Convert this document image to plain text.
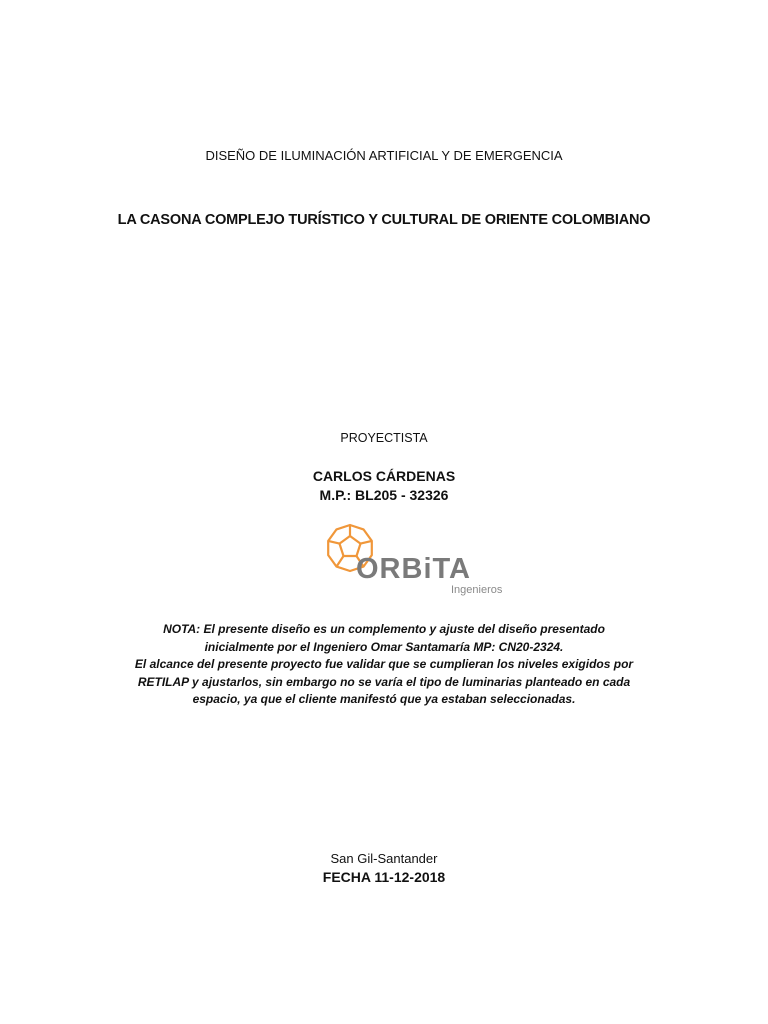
DISEÑO DE ILUMINACIÓN ARTIFICIAL Y DE EMERGENCIA
LA CASONA COMPLEJO TURÍSTICO Y CULTURAL DE ORIENTE COLOMBIANO
PROYECTISTA
CARLOS CÁRDENAS
M.P.: BL205 - 32326
ORBiTA
Ingenieros

NOTA: El presente diseño es un complemento y ajuste del diseño presentado inicialmente por el Ingeniero Omar Santamaría MP: CN20-2324.

El alcance del presente proyecto fue validar que se cumplieran los niveles exigidos por RETILAP y ajustarlos, sin embargo no se varía el tipo de luminarias planteado en cada espacio, ya que el cliente manifestó que ya estaban seleccionadas.

San Gil-Santander
FECHA 11-12-2018
